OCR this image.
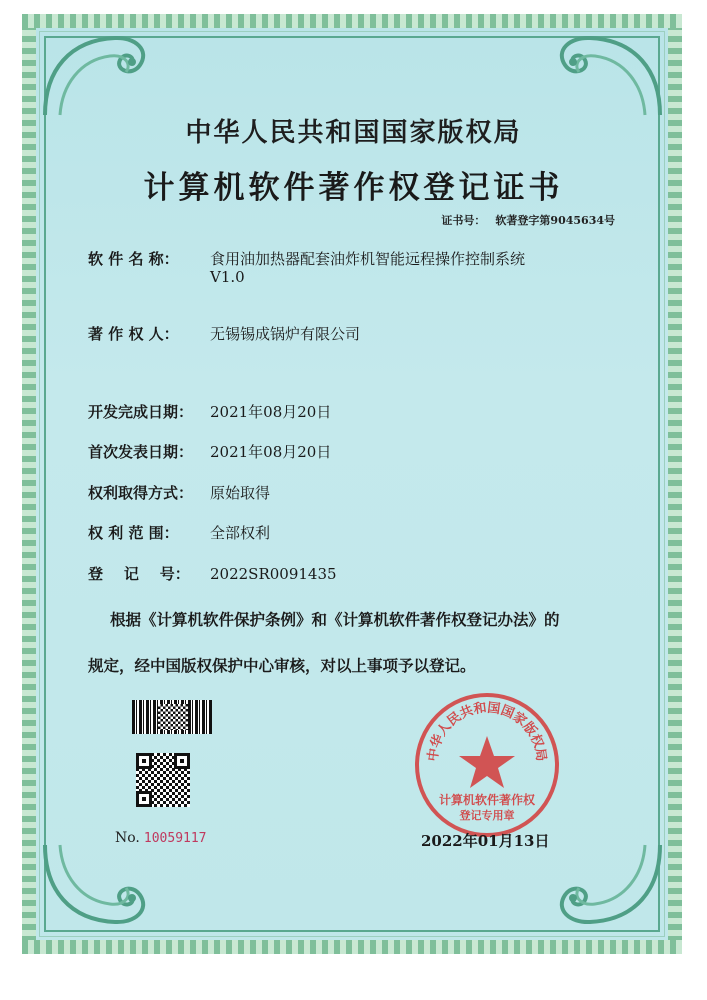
中华人民共和国国家版权局
计算机软件著作权登记证书
证书号： 软著登字第9045634号
软 件 名 称： 食用油加热器配套油炸机智能远程操作控制系统
V1.0
著 作 权 人： 无锡锡成锅炉有限公司
开发完成日期： 2021年08月20日
首次发表日期： 2021年08月20日
权利取得方式： 原始取得
权 利 范 围： 全部权利
登    记    号： 2022SR0091435
根据《计算机软件保护条例》和《计算机软件著作权登记办法》的
规定，经中国版权保护中心审核，对以上事项予以登记。
No. 10059117
中华人民共和国国家版权局
计算机软件著作权
登记专用章
2022年01月13日
